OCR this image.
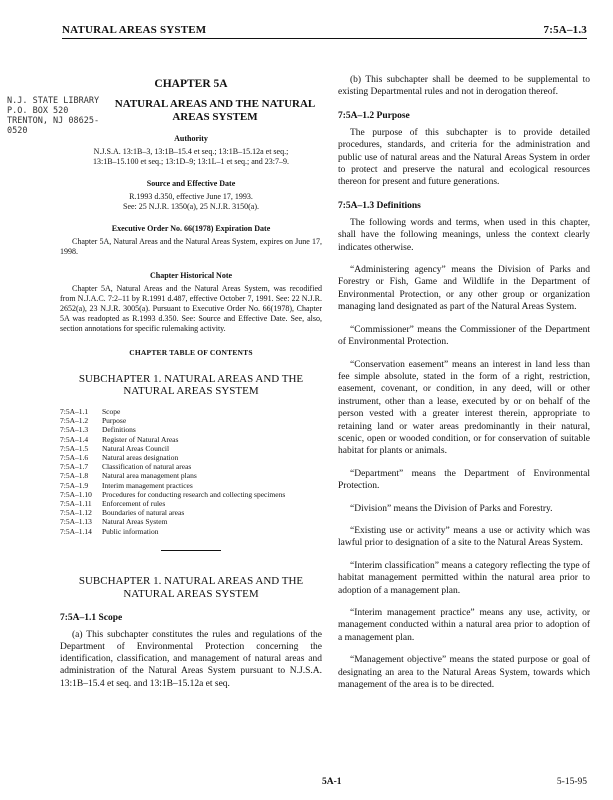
NATURAL AREAS SYSTEM	7:5A–1.3
CHAPTER 5A
N.J. STATE LIBRARY
P.O. BOX 520
TRENTON, NJ 08625-0520
NATURAL AREAS AND THE NATURAL AREAS SYSTEM
Authority
N.J.S.A. 13:1B–3, 13:1B–15.4 et seq.; 13:1B–15.12a et seq.; 13:1B–15.100 et seq.; 13:1D–9; 13:1L–1 et seq.; and 23:7–9.
Source and Effective Date
R.1993 d.350, effective June 17, 1993.
See: 25 N.J.R. 1350(a), 25 N.J.R. 3150(a).
Executive Order No. 66(1978) Expiration Date
Chapter 5A, Natural Areas and the Natural Areas System, expires on June 17, 1998.
Chapter Historical Note
Chapter 5A, Natural Areas and the Natural Areas System, was recodified from N.J.A.C. 7:2–11 by R.1991 d.487, effective October 7, 1991. See: 22 N.J.R. 2652(a), 23 N.J.R. 3005(a). Pursuant to Executive Order No. 66(1978), Chapter 5A was readopted as R.1993 d.350. See: Source and Effective Date. See, also, section annotations for specific rulemaking activity.
CHAPTER TABLE OF CONTENTS
SUBCHAPTER 1. NATURAL AREAS AND THE NATURAL AREAS SYSTEM
7:5A–1.1	Scope
7:5A–1.2	Purpose
7:5A–1.3	Definitions
7:5A–1.4	Register of Natural Areas
7:5A–1.5	Natural Areas Council
7:5A–1.6	Natural areas designation
7:5A–1.7	Classification of natural areas
7:5A–1.8	Natural area management plans
7:5A–1.9	Interim management practices
7:5A–1.10	Procedures for conducting research and collecting specimens
7:5A–1.11	Enforcement of rules
7:5A–1.12	Boundaries of natural areas
7:5A–1.13	Natural Areas System
7:5A–1.14	Public information
SUBCHAPTER 1. NATURAL AREAS AND THE NATURAL AREAS SYSTEM
7:5A–1.1 Scope

(a) This subchapter constitutes the rules and regulations of the Department of Environmental Protection concerning the identification, classification, and management of natural areas and administration of the Natural Areas System pursuant to N.J.S.A. 13:1B–15.4 et seq. and 13:1B–15.12a et seq.

(b) This subchapter shall be deemed to be supplemental to existing Departmental rules and not in derogation thereof.

7:5A–1.2 Purpose

The purpose of this subchapter is to provide detailed procedures, standards, and criteria for the administration and public use of natural areas and the Natural Areas System in order to protect and preserve the natural and ecological resources thereon for present and future generations.

7:5A–1.3 Definitions

The following words and terms, when used in this chapter, shall have the following meanings, unless the context clearly indicates otherwise.

“Administering agency” means the Division of Parks and Forestry or Fish, Game and Wildlife in the Department of Environmental Protection, or any other group or organization managing land designated as part of the Natural Areas System.

“Commissioner” means the Commissioner of the Department of Environmental Protection.

“Conservation easement” means an interest in land less than fee simple absolute, stated in the form of a right, restriction, easement, covenant, or condition, in any deed, will or other instrument, other than a lease, executed by or on behalf of the person vested with a greater interest therein, appropriate to retaining land or water areas predominantly in their natural, scenic, open or wooded condition, or for conservation of suitable habitat for plants or animals.

“Department” means the Department of Environmental Protection.

“Division” means the Division of Parks and Forestry.

“Existing use or activity” means a use or activity which was lawful prior to designation of a site to the Natural Areas System.

“Interim classification” means a category reflecting the type of habitat management permitted within the natural area prior to adoption of a management plan.

“Interim management practice” means any use, activity, or management conducted within a natural area prior to adoption of a management plan.

“Management objective” means the stated purpose or goal of designating an area to the Natural Areas System, towards which management of the area is to be directed.

5A-1	5-15-95
